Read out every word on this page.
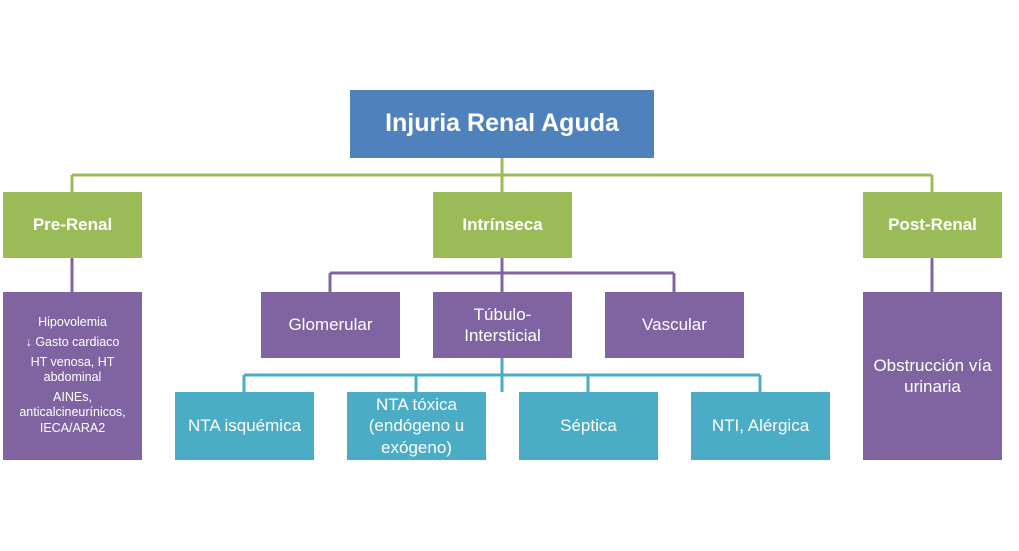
Injuria Renal Aguda
Pre-Renal	Intrínseca	Post-Renal
Hipovolemia
↓ Gasto cardiaco
HT venosa, HT abdominal
AINEs, anticalcineurínicos, IECA/ARA2
Glomerular
Túbulo-
Intersticial
Vascular
Obstrucción vía urinaria
NTA isquémica
NTA tóxica
(endógeno u
exógeno)
Séptica	NTI, Alérgica
